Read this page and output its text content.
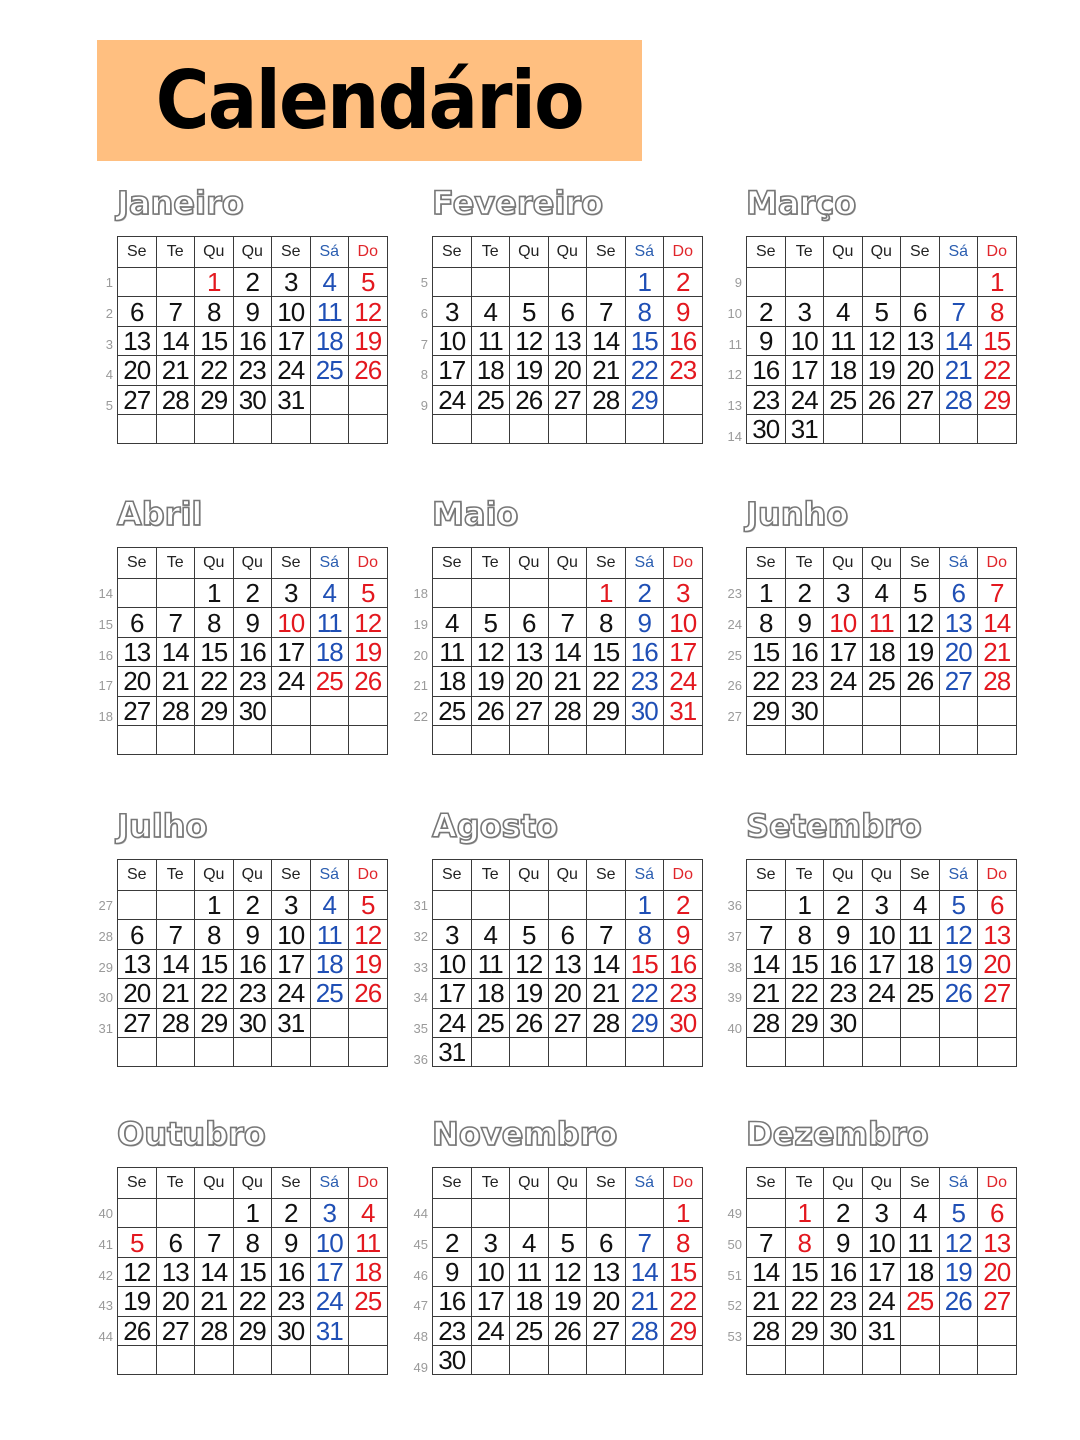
Calendário
Janeiro
1
2
3
4
5
Se	Te	Qu	Qu	Se	Sá	Do
		1	2	3	4	5
6	7	8	9	10	11	12
13	14	15	16	17	18	19
20	21	22	23	24	25	26
27	28	29	30	31		

Fevereiro
5
6
7
8
9
Se	Te	Qu	Qu	Se	Sá	Do
					1	2
3	4	5	6	7	8	9
10	11	12	13	14	15	16
17	18	19	20	21	22	23
24	25	26	27	28	29	

Março
9
10
11
12
13
14
Se	Te	Qu	Qu	Se	Sá	Do
						1
2	3	4	5	6	7	8
9	10	11	12	13	14	15
16	17	18	19	20	21	22
23	24	25	26	27	28	29
30	31					
Abril
14
15
16
17
18
Se	Te	Qu	Qu	Se	Sá	Do
		1	2	3	4	5
6	7	8	9	10	11	12
13	14	15	16	17	18	19
20	21	22	23	24	25	26
27	28	29	30			

Maio
18
19
20
21
22
Se	Te	Qu	Qu	Se	Sá	Do
				1	2	3
4	5	6	7	8	9	10
11	12	13	14	15	16	17
18	19	20	21	22	23	24
25	26	27	28	29	30	31

Junho
23
24
25
26
27
Se	Te	Qu	Qu	Se	Sá	Do
1	2	3	4	5	6	7
8	9	10	11	12	13	14
15	16	17	18	19	20	21
22	23	24	25	26	27	28
29	30					

Julho
27
28
29
30
31
Se	Te	Qu	Qu	Se	Sá	Do
		1	2	3	4	5
6	7	8	9	10	11	12
13	14	15	16	17	18	19
20	21	22	23	24	25	26
27	28	29	30	31		

Agosto
31
32
33
34
35
36
Se	Te	Qu	Qu	Se	Sá	Do
					1	2
3	4	5	6	7	8	9
10	11	12	13	14	15	16
17	18	19	20	21	22	23
24	25	26	27	28	29	30
31						
Setembro
36
37
38
39
40
Se	Te	Qu	Qu	Se	Sá	Do
	1	2	3	4	5	6
7	8	9	10	11	12	13
14	15	16	17	18	19	20
21	22	23	24	25	26	27
28	29	30				

Outubro
40
41
42
43
44
Se	Te	Qu	Qu	Se	Sá	Do
			1	2	3	4
5	6	7	8	9	10	11
12	13	14	15	16	17	18
19	20	21	22	23	24	25
26	27	28	29	30	31	

Novembro
44
45
46
47
48
49
Se	Te	Qu	Qu	Se	Sá	Do
						1
2	3	4	5	6	7	8
9	10	11	12	13	14	15
16	17	18	19	20	21	22
23	24	25	26	27	28	29
30						
Dezembro
49
50
51
52
53
Se	Te	Qu	Qu	Se	Sá	Do
	1	2	3	4	5	6
7	8	9	10	11	12	13
14	15	16	17	18	19	20
21	22	23	24	25	26	27
28	29	30	31			
